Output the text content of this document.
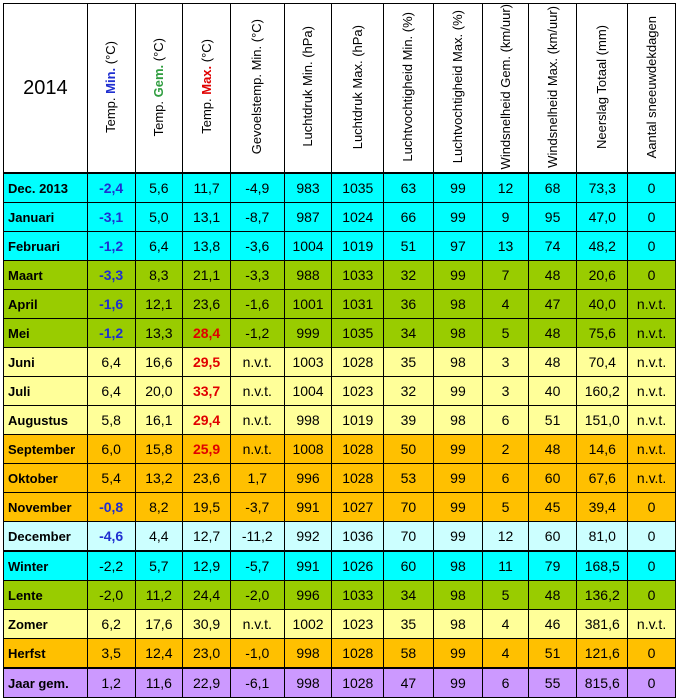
2014	Temp. Min. (°C)	Temp. Gem. (°C)	Temp. Max. (°C)	Gevoelstemp. Min. (°C)	Luchtdruk Min. (hPa)	Luchtdruk Max. (hPa)	Luchtvochtigheid Min. (%)	Luchtvochtigheid Max. (%)	Windsnelheid Gem. (km/uur)	Windsnelheid Max. (km/uur)	Neerslag Totaal (mm)	Aantal sneeuwdekdagen
Dec. 2013	-2,4	5,6	11,7	-4,9	983	1035	63	99	12	68	73,3	0
Januari	-3,1	5,0	13,1	-8,7	987	1024	66	99	9	95	47,0	0
Februari	-1,2	6,4	13,8	-3,6	1004	1019	51	97	13	74	48,2	0
Maart	-3,3	8,3	21,1	-3,3	988	1033	32	99	7	48	20,6	0
April	-1,6	12,1	23,6	-1,6	1001	1031	36	98	4	47	40,0	n.v.t.
Mei	-1,2	13,3	28,4	-1,2	999	1035	34	98	5	48	75,6	n.v.t.
Juni	6,4	16,6	29,5	n.v.t.	1003	1028	35	98	3	48	70,4	n.v.t.
Juli	6,4	20,0	33,7	n.v.t.	1004	1023	32	99	3	40	160,2	n.v.t.
Augustus	5,8	16,1	29,4	n.v.t.	998	1019	39	98	6	51	151,0	n.v.t.
September	6,0	15,8	25,9	n.v.t.	1008	1028	50	99	2	48	14,6	n.v.t.
Oktober	5,4	13,2	23,6	1,7	996	1028	53	99	6	60	67,6	n.v.t.
November	-0,8	8,2	19,5	-3,7	991	1027	70	99	5	45	39,4	0
December	-4,6	4,4	12,7	-11,2	992	1036	70	99	12	60	81,0	0
Winter	-2,2	5,7	12,9	-5,7	991	1026	60	98	11	79	168,5	0
Lente	-2,0	11,2	24,4	-2,0	996	1033	34	98	5	48	136,2	0
Zomer	6,2	17,6	30,9	n.v.t.	1002	1023	35	98	4	46	381,6	n.v.t.
Herfst	3,5	12,4	23,0	-1,0	998	1028	58	99	4	51	121,6	0
Jaar gem.	1,2	11,6	22,9	-6,1	998	1028	47	99	6	55	815,6	0
